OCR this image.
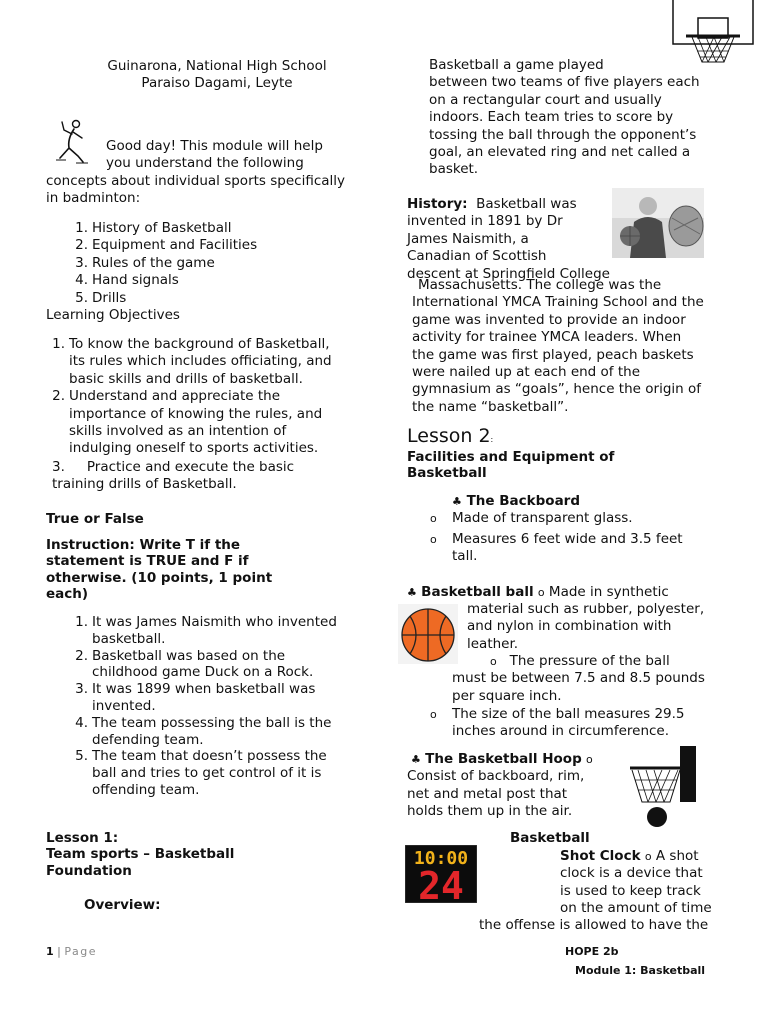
Guinarona, National High School
Paraiso Dagami, Leyte
Good day! This module will help
you understand the following
concepts about individual sports specifically
in badminton:
1. History of Basketball
2. Equipment and Facilities
3. Rules of the game
4. Hand signals
5. Drills
Learning Objectives
1. To know the background of Basketball,
its rules which includes officiating, and
basic skills and drills of basketball.
2. Understand and appreciate the
importance of knowing the rules, and
skills involved as an intention of
indulging oneself to sports activities.
3. Practice and execute the basic
training drills of Basketball.
True or False
Instruction: Write T if the
statement is TRUE and F if
otherwise. (10 points, 1 point
each)
1. It was James Naismith who invented
basketball.
2. Basketball was based on the
childhood game Duck on a Rock.
3. It was 1899 when basketball was
invented.
4. The team possessing the ball is the
defending team.
5. The team that doesn’t possess the
ball and tries to get control of it is
offending team.
Lesson 1:
Team sports – Basketball
Foundation
Overview:
Basketball a game played
between two teams of five players each
on a rectangular court and usually
indoors. Each team tries to score by
tossing the ball through the opponent’s
goal, an elevated ring and net called a
basket.
History: Basketball was
invented in 1891 by Dr
James Naismith, a
Canadian of Scottish
descent at Springfield College
Massachusetts. The college was the
International YMCA Training School and the
game was invented to provide an indoor
activity for trainee YMCA leaders. When
the game was first played, peach baskets
were nailed up at each end of the
gymnasium as “goals”, hence the origin of
the name “basketball”.
Lesson 2:
Facilities and Equipment of
Basketball
♣ The Backboard
o Made of transparent glass.
o Measures 6 feet wide and 3.5 feet
tall.
♣ Basketball ball o Made in synthetic
material such as rubber, polyester,
and nylon in combination with
leather.
o The pressure of the ball
must be between 7.5 and 8.5 pounds
per square inch.
o The size of the ball measures 29.5
inches around in circumference.
♣ The Basketball Hoop o
Consist of backboard, rim,
net and metal post that
holds them up in the air.
10:00
24
Basketball
Shot Clock o A shot
clock is a device that
is used to keep track
on the amount of time
the offense is allowed to have the
1 | Page	HOPE 2b
Module 1: Basketball
